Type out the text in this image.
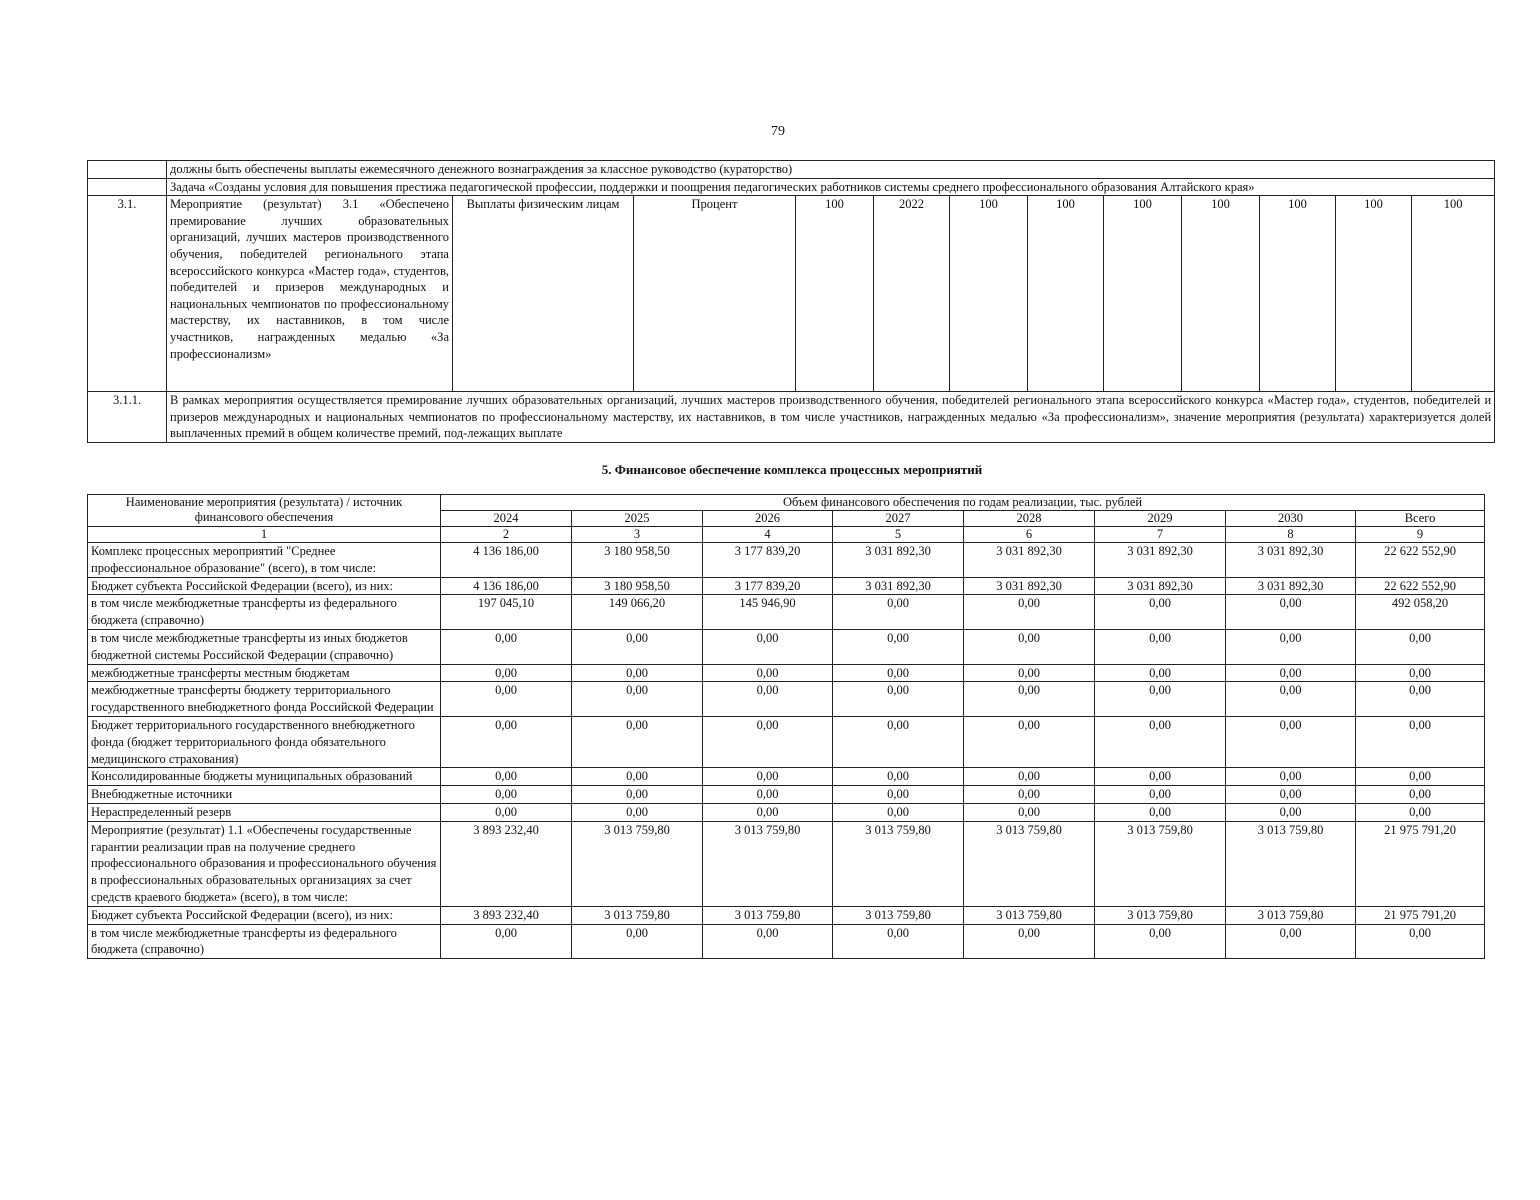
79
	должны быть обеспечены выплаты ежемесячного денежного вознаграждения за классное руководство (кураторство)											
	Задача «Созданы условия для повышения престижа педагогической профессии, поддержки и поощрения педагогических работников системы среднего профессионального образования Алтайского края»											
3.1.	Мероприятие (результат) 3.1 «Обеспечено премирование лучших образовательных организаций, лучших мастеров производственного обучения, победителей регионального этапа всероссийского конкурса «Мастер года», студентов, победителей и призеров международных и национальных чемпионатов по профессиональному мастерству, их наставников, в том числе участников, награжденных медалью «За профессионализм»	Выплаты физическим лицам	Процент	100	2022	100	100	100	100	100	100	100
3.1.1.	В рамках мероприятия осуществляется премирование лучших образовательных организаций, лучших мастеров производственного обучения, победителей регионального этапа всероссийского конкурса «Мастер года», студентов, победителей и призеров международных и национальных чемпионатов по профессиональному мастерству, их наставников, в том числе участников, награжденных медалью «За профессионализм», значение мероприятия (результата) характеризуется долей выплаченных премий в общем количестве премий, под-лежащих выплате											
5. Финансовое обеспечение комплекса процессных мероприятий
Наименование мероприятия (результата) / источник финансового обеспечения	Объем финансового обеспечения по годам реализации, тыс. рублей							
	2024	2025	2026	2027	2028	2029	2030	Всего
1	2	3	4	5	6	7	8	9
Комплекс процессных мероприятий "Среднее профессиональное образование" (всего), в том числе:	4 136 186,00	3 180 958,50	3 177 839,20	3 031 892,30	3 031 892,30	3 031 892,30	3 031 892,30	22 622 552,90
Бюджет субъекта Российской Федерации (всего), из них:	4 136 186,00	3 180 958,50	3 177 839,20	3 031 892,30	3 031 892,30	3 031 892,30	3 031 892,30	22 622 552,90
в том числе межбюджетные трансферты из федерального бюджета (справочно)	197 045,10	149 066,20	145 946,90	0,00	0,00	0,00	0,00	492 058,20
в том числе межбюджетные трансферты из иных бюджетов бюджетной системы Российской Федерации (справочно)	0,00	0,00	0,00	0,00	0,00	0,00	0,00	0,00
межбюджетные трансферты местным бюджетам	0,00	0,00	0,00	0,00	0,00	0,00	0,00	0,00
межбюджетные трансферты бюджету территориального государственного внебюджетного фонда Российской Федерации	0,00	0,00	0,00	0,00	0,00	0,00	0,00	0,00
Бюджет территориального государственного внебюджетного фонда (бюджет территориального фонда обязательного медицинского страхования)	0,00	0,00	0,00	0,00	0,00	0,00	0,00	0,00
Консолидированные бюджеты муниципальных образований	0,00	0,00	0,00	0,00	0,00	0,00	0,00	0,00
Внебюджетные источники	0,00	0,00	0,00	0,00	0,00	0,00	0,00	0,00
Нераспределенный резерв	0,00	0,00	0,00	0,00	0,00	0,00	0,00	0,00
Мероприятие (результат) 1.1 «Обеспечены государственные гарантии реализации прав на получение среднего профессионального образования и профессионального обучения в профессиональных образовательных организациях за счет средств краевого бюджета» (всего), в том числе:	3 893 232,40	3 013 759,80	3 013 759,80	3 013 759,80	3 013 759,80	3 013 759,80	3 013 759,80	21 975 791,20
Бюджет субъекта Российской Федерации (всего), из них:	3 893 232,40	3 013 759,80	3 013 759,80	3 013 759,80	3 013 759,80	3 013 759,80	3 013 759,80	21 975 791,20
в том числе межбюджетные трансферты из федерального бюджета (справочно)	0,00	0,00	0,00	0,00	0,00	0,00	0,00	0,00
